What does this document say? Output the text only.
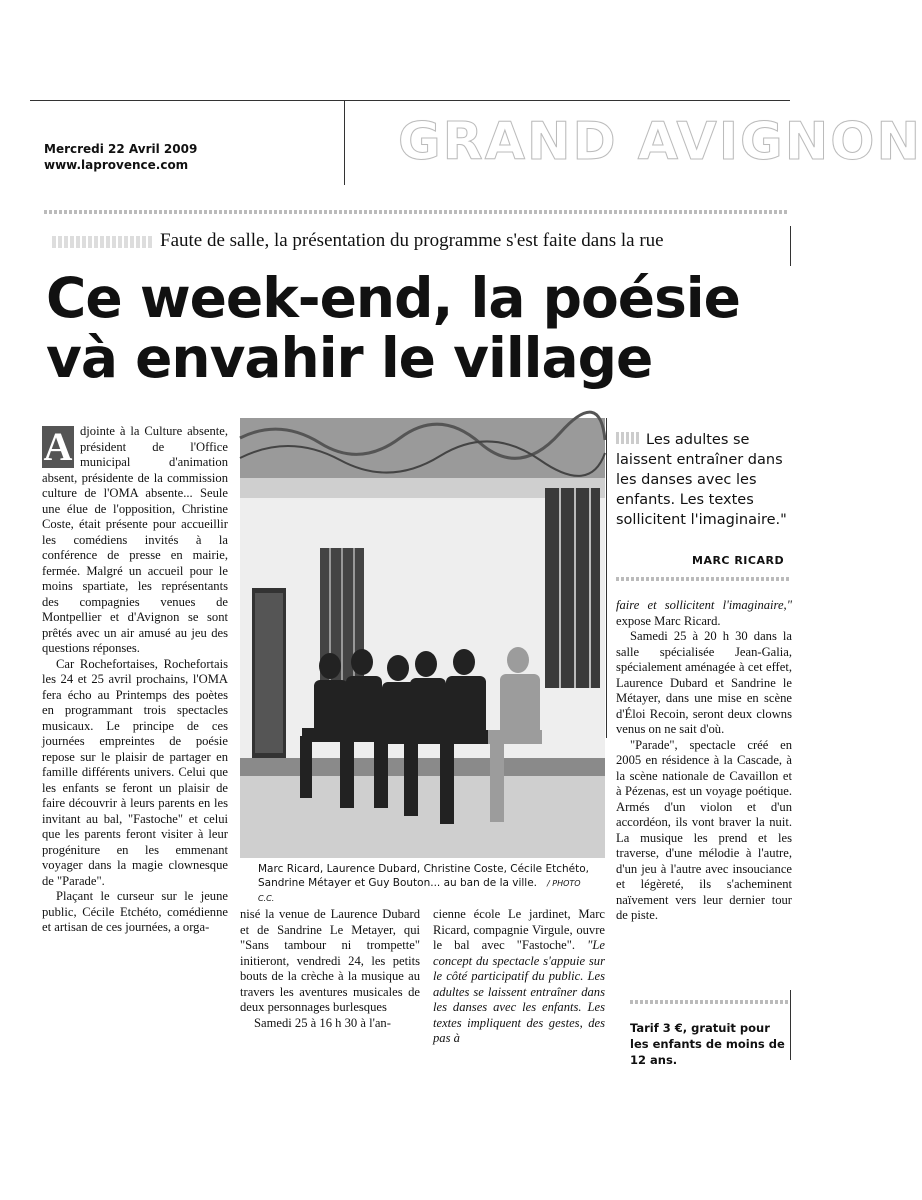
Mercredi 22 Avril 2009
www.laprovence.com	GRAND AVIGNON
Faute de salle, la présentation du programme s'est faite dans la rue
Ce week-end, la poésie và envahir le village

A djointe à la Culture absente, président de l'Office municipal d'animation absent, présidente de la commission culture de l'OMA absente... Seule une élue de l'opposition, Christine Coste, était présente pour accueillir les comédiens invités à la conférence de presse en mairie, fermée. Malgré un accueil pour le moins spartiate, les représentants des compagnies venues de Montpellier et d'Avignon se sont prêtés avec un air amusé au jeu des questions réponses.

Car Rochefortaises, Rochefortais les 24 et 25 avril prochains, l'OMA fera écho au Printemps des poètes en programmant trois spectacles musicaux. Le principe de ces journées empreintes de poésie repose sur le plaisir de partager en famille différents univers. Celui que les enfants se feront un plaisir de faire découvrir à leurs parents en les invitant au bal, "Fastoche" et celui que les parents feront visiter à leur progéniture en les emmenant voyager dans la magie clownesque de "Parade".

Plaçant le curseur sur le jeune public, Cécile Etchéto, comédienne et artisan de ces journées, a orga-

Marc Ricard, Laurence Dubard, Christine Coste, Cécile Etchéto, Sandrine Métayer et Guy Bouton... au ban de la ville. / PHOTO C.C.

nisé la venue de Laurence Dubard et de Sandrine Le Metayer, qui "Sans tambour ni trompette" initieront, vendredi 24, les petits bouts de la crèche à la musique au travers les aventures musicales de deux personnages burlesques

Samedi 25 à 16 h 30 à l'an-

cienne école Le jardinet, Marc Ricard, compagnie Virgule, ouvre le bal avec "Fastoche". "Le concept du spectacle s'appuie sur le côté participatif du public. Les adultes se laissent entraîner dans les danses avec les enfants. Les textes impliquent des gestes, des pas à

Les adultes se laissent entraîner dans les danses avec les enfants. Les textes sollicitent l'imaginaire."
MARC RICARD

faire et sollicitent l'imaginaire," expose Marc Ricard.

Samedi 25 à 20 h 30 dans la salle spécialisée Jean-Galia, spécialement aménagée à cet effet, Laurence Dubard et Sandrine le Métayer, dans une mise en scène d'Éloi Recoin, seront deux clowns venus on ne sait d'où.

"Parade", spectacle créé en 2005 en résidence à la Cascade, à la scène nationale de Cavaillon et à Pézenas, est un voyage poétique. Armés d'un violon et d'un accordéon, ils vont braver la nuit. La musique les prend et les traverse, d'une mélodie à l'autre, d'un jeu à l'autre avec insouciance et légèreté, ils s'acheminent naïvement vers leur dernier tour de piste.

Tarif 3 €, gratuit pour les enfants de moins de 12 ans.
